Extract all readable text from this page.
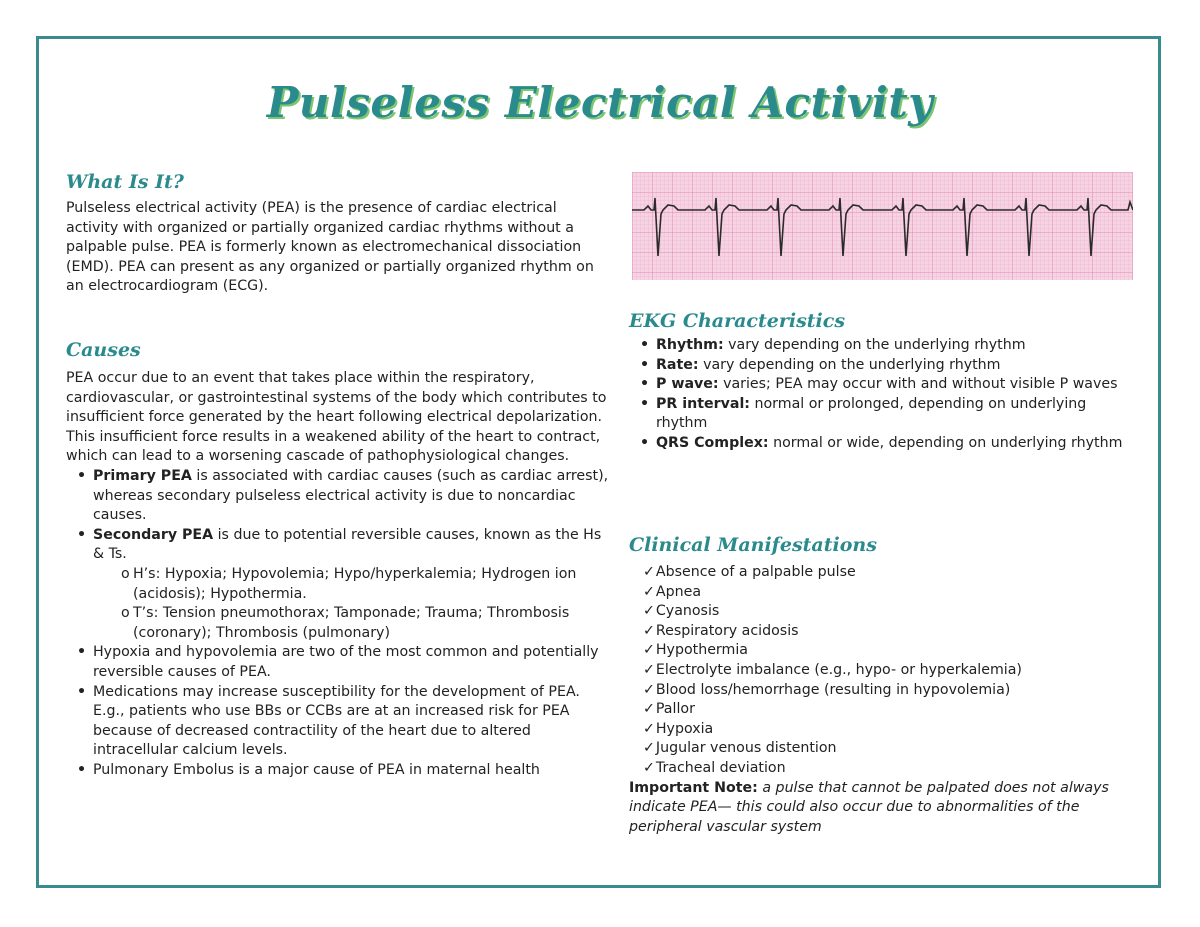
Pulseless Electrical Activity
What Is It?

Pulseless electrical activity (PEA) is the presence of cardiac electrical activity with organized or partially organized cardiac rhythms without a palpable pulse. PEA is formerly known as electromechanical dissociation (EMD). PEA can present as any organized or partially organized rhythm on an electrocardiogram (ECG).

Causes

PEA occur due to an event that takes place within the respiratory, cardiovascular, or gastrointestinal systems of the body which contributes to insufficient force generated by the heart following electrical depolarization. This insufficient force results in a weakened ability of the heart to contract, which can lead to a worsening cascade of pathophysiological changes.

• Primary PEA is associated with cardiac causes (such as cardiac arrest), whereas secondary pulseless electrical activity is due to noncardiac causes.
• Secondary PEA is due to potential reversible causes, known as the Hs & Ts.
o H’s: Hypoxia; Hypovolemia; Hypo/hyperkalemia; Hydrogen ion (acidosis); Hypothermia.
o T’s: Tension pneumothorax; Tamponade; Trauma; Thrombosis (coronary); Thrombosis (pulmonary)
• Hypoxia and hypovolemia are two of the most common and potentially reversible causes of PEA.
• Medications may increase susceptibility for the development of PEA. E.g., patients who use BBs or CCBs are at an increased risk for PEA because of decreased contractility of the heart due to altered intracellular calcium levels.
• Pulmonary Embolus is a major cause of PEA in maternal health
EKG Characteristics
• Rhythm: vary depending on the underlying rhythm
• Rate: vary depending on the underlying rhythm
• P wave: varies; PEA may occur with and without visible P waves
• PR interval: normal or prolonged, depending on underlying rhythm
• QRS Complex: normal or wide, depending on underlying rhythm
Clinical Manifestations
✓ Absence of a palpable pulse
✓ Apnea
✓ Cyanosis
✓ Respiratory acidosis
✓ Hypothermia
✓ Electrolyte imbalance (e.g., hypo- or hyperkalemia)
✓ Blood loss/hemorrhage (resulting in hypovolemia)
✓ Pallor
✓ Hypoxia
✓ Jugular venous distention
✓ Tracheal deviation

Important Note: a pulse that cannot be palpated does not always indicate PEA— this could also occur due to abnormalities of the peripheral vascular system
